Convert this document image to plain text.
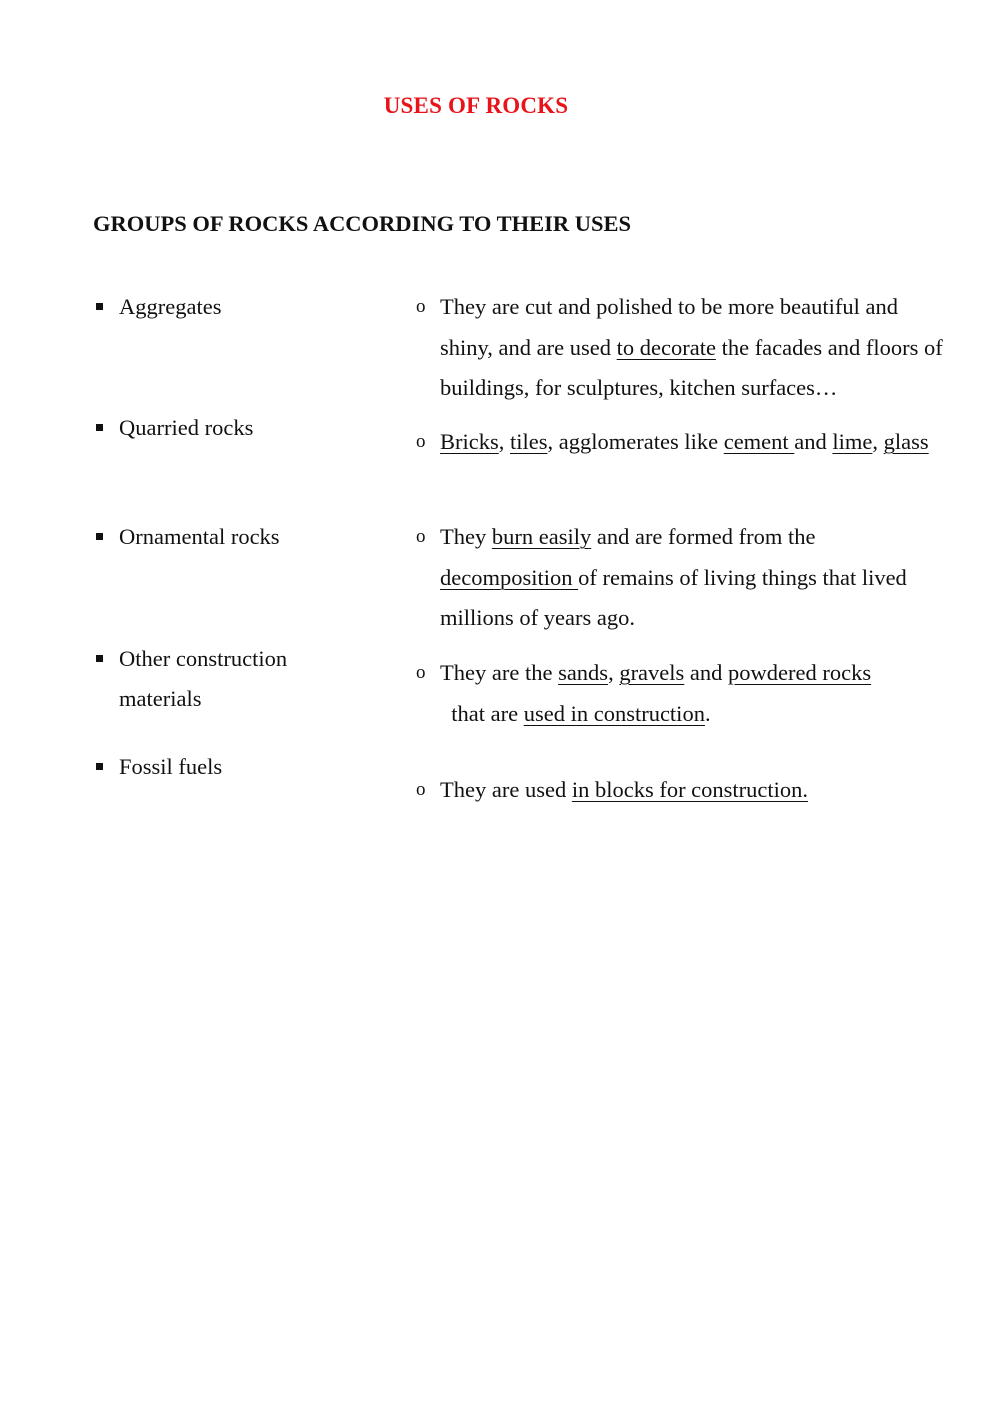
USES OF ROCKS
GROUPS OF ROCKS ACCORDING TO THEIR USES
Aggregates
Quarried rocks
Ornamental rocks
Other construction materials
Fossil fuels
o They are cut and polished to be more beautiful and shiny, and are used to decorate the facades and floors of buildings, for sculptures, kitchen surfaces…
o Bricks, tiles, agglomerates like cement and lime, glass
o They burn easily and are formed from the decomposition of remains of living things that lived millions of years ago.
o They are the sands, gravels and powdered rocks  that are used in construction.
o They are used in blocks for construction.
